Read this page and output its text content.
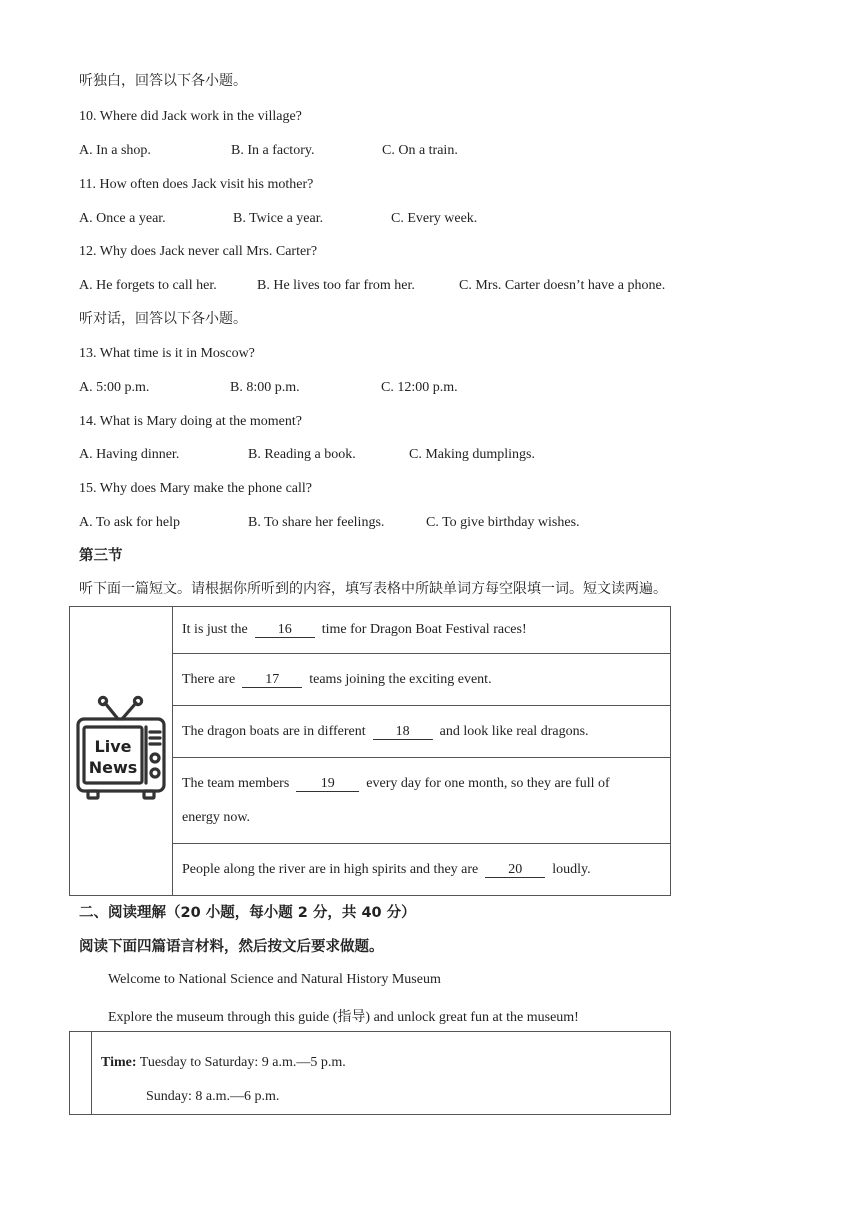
听独白，回答以下各小题。
10. Where did Jack work in the village?
A. In a shop.	B. In a factory.	C. On a train.
11. How often does Jack visit his mother?
A. Once a year.	B. Twice a year.	C. Every week.
12. Why does Jack never call Mrs. Carter?
A. He forgets to call her.	B. He lives too far from her.	C. Mrs. Carter doesn’t have a phone.
听对话，回答以下各小题。
13. What time is it in Moscow?
A. 5:00 p.m.	B. 8:00 p.m.	C. 12:00 p.m.
14. What is Mary doing at the moment?
A. Having dinner.	B. Reading a book.	C. Making dumplings.
15. Why does Mary make the phone call?
A. To ask for help	B. To share her feelings.	C. To give birthday wishes.
第三节
听下面一篇短文。请根据你所听到的内容，填写表格中所缺单词方每空限填一词。短文读两遍。
Live
News
	It is just the 16 time for Dragon Boat Festival races!
There are 17 teams joining the exciting event.
The dragon boats are in different 18 and look like real dragons.
The team members 19 every day for one month, so they are full of
energy now.
People along the river are in high spirits and they are 20 loudly.
二、阅读理解（20 小题，每小题 2 分，共 40 分）
阅读下面四篇语言材料，然后按文后要求做题。
Welcome to National Science and Natural History Museum
Explore the museum through this guide (指导) and unlock great fun at the museum!

Time: Tuesday to Saturday: 9 a.m.—5 p.m.
Sunday: 8 a.m.—6 p.m.
